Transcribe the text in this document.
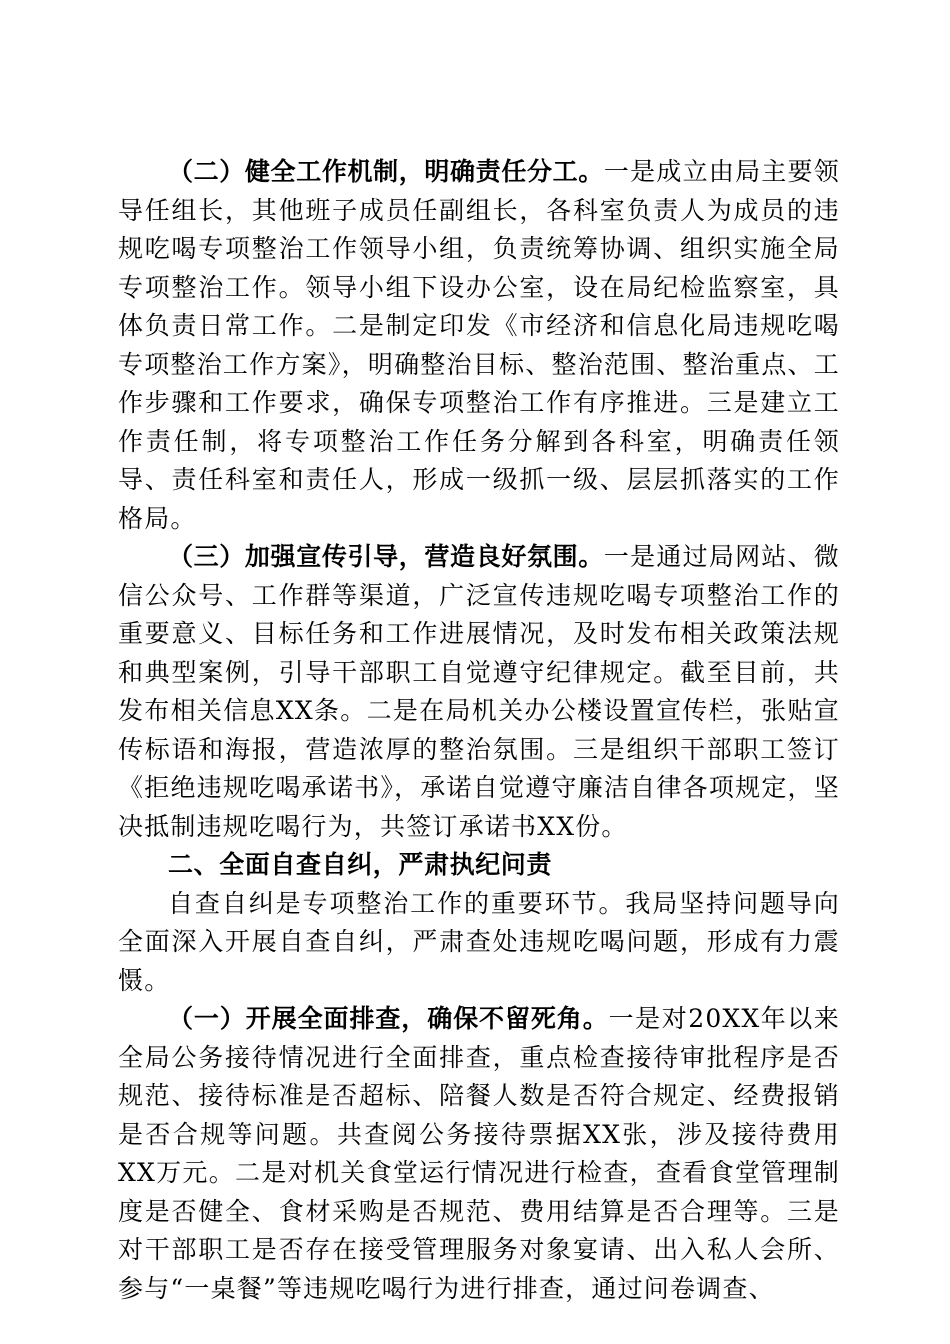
（二）健全工作机制，明确责任分工。一是成立由局主要领导任组长，其他班子成员任副组长，各科室负责人为成员的违规吃喝专项整治工作领导小组，负责统筹协调、组织实施全局专项整治工作。领导小组下设办公室，设在局纪检监察室，具体负责日常工作。二是制定印发《市经济和信息化局违规吃喝专项整治工作方案》，明确整治目标、整治范围、整治重点、工作步骤和工作要求，确保专项整治工作有序推进。三是建立工作责任制，将专项整治工作任务分解到各科室，明确责任领导、责任科室和责任人，形成一级抓一级、层层抓落实的工作格局。

（三）加强宣传引导，营造良好氛围。一是通过局网站、微信公众号、工作群等渠道，广泛宣传违规吃喝专项整治工作的重要意义、目标任务和工作进展情况，及时发布相关政策法规和典型案例，引导干部职工自觉遵守纪律规定。截至目前，共发布相关信息XX条。二是在局机关办公楼设置宣传栏，张贴宣传标语和海报，营造浓厚的整治氛围。三是组织干部职工签订《拒绝违规吃喝承诺书》，承诺自觉遵守廉洁自律各项规定，坚决抵制违规吃喝行为，共签订承诺书XX份。

二、全面自查自纠，严肃执纪问责

自查自纠是专项整治工作的重要环节。我局坚持问题导向全面深入开展自查自纠，严肃查处违规吃喝问题，形成有力震慑。

（一）开展全面排查，确保不留死角。一是对20XX年以来全局公务接待情况进行全面排查，重点检查接待审批程序是否规范、接待标准是否超标、陪餐人数是否符合规定、经费报销是否合规等问题。共查阅公务接待票据XX张，涉及接待费用XX万元。二是对机关食堂运行情况进行检查，查看食堂管理制度是否健全、食材采购是否规范、费用结算是否合理等。三是对干部职工是否存在接受管理服务对象宴请、出入私人会所、参与“一桌餐”等违规吃喝行为进行排查，通过问卷调查、
